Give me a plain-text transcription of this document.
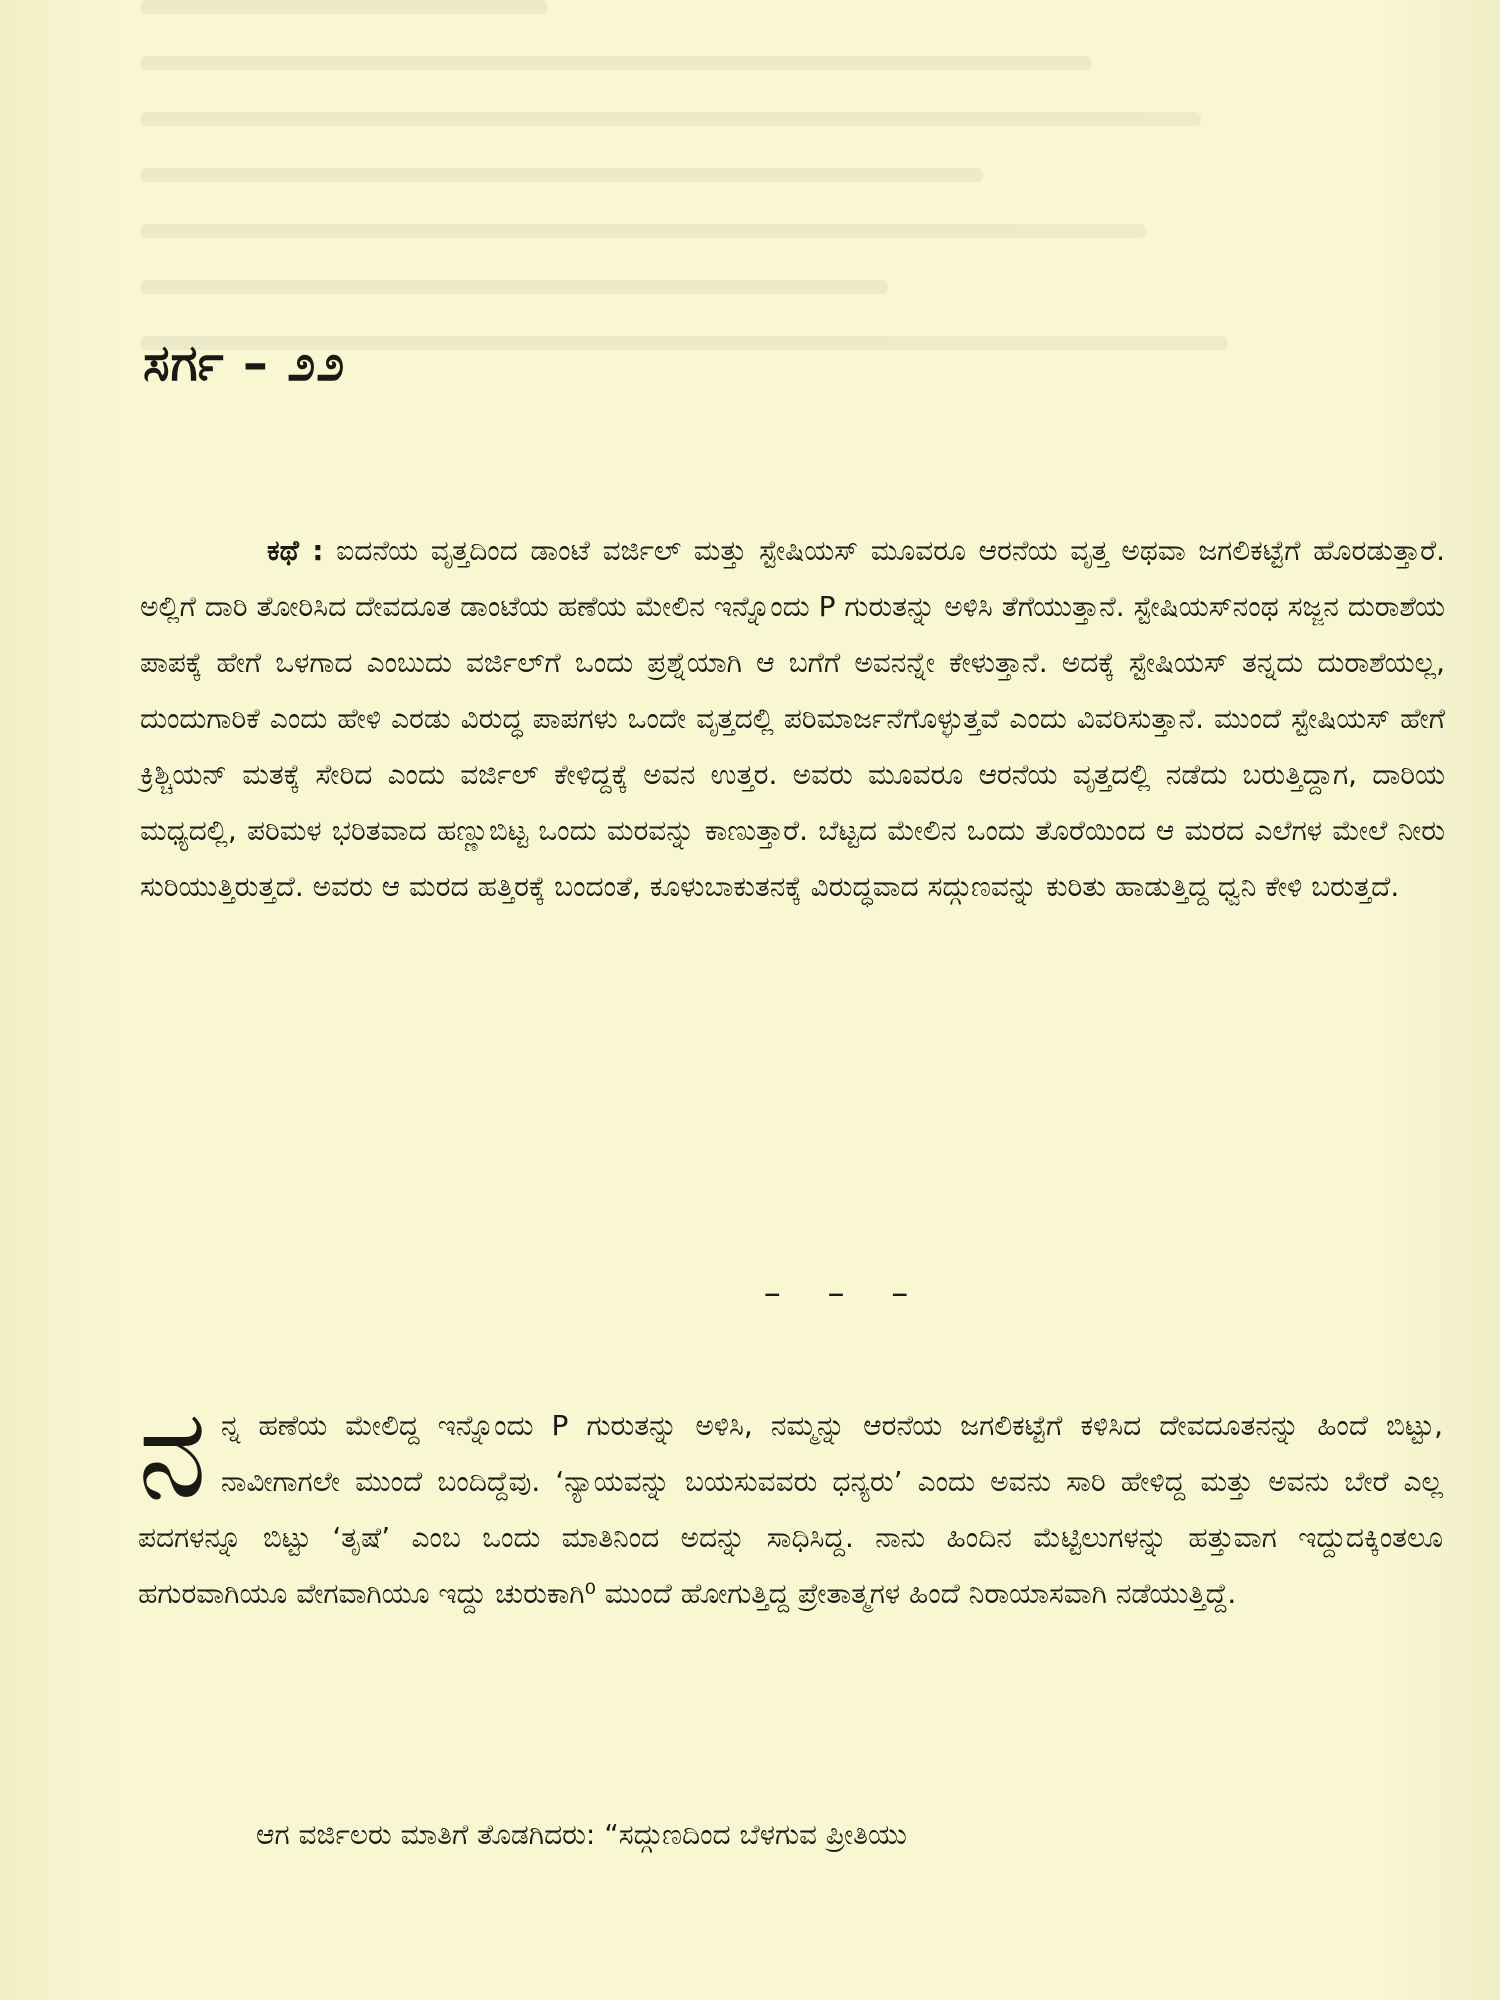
ಸರ್ಗ – ೨೨

ಕಥೆ : ಐದನೆಯ ವೃತ್ತದಿಂದ ಡಾಂಟೆ ವರ್ಜಿಲ್ ಮತ್ತು ಸ್ಟೇಷಿಯಸ್ ಮೂವರೂ ಆರನೆಯ ವೃತ್ತ ಅಥವಾ ಜಗಲಿಕಟ್ಟೆಗೆ ಹೊರಡುತ್ತಾರೆ. ಅಲ್ಲಿಗೆ ದಾರಿ ತೋರಿಸಿದ ದೇವದೂತ ಡಾಂಟೆಯ ಹಣೆಯ ಮೇಲಿನ ಇನ್ನೊಂದು P ಗುರುತನ್ನು ಅಳಿಸಿ ತೆಗೆಯುತ್ತಾನೆ. ಸ್ಟೇಷಿಯಸ್‌ನಂಥ ಸಜ್ಜನ ದುರಾಶೆಯ ಪಾಪಕ್ಕೆ ಹೇಗೆ ಒಳಗಾದ ಎಂಬುದು ವರ್ಜಿಲ್‌ಗೆ ಒಂದು ಪ್ರಶ್ನೆಯಾಗಿ ಆ ಬಗೆಗೆ ಅವನನ್ನೇ ಕೇಳುತ್ತಾನೆ. ಅದಕ್ಕೆ ಸ್ಟೇಷಿಯಸ್ ತನ್ನದು ದುರಾಶೆಯಲ್ಲ, ದುಂದುಗಾರಿಕೆ ಎಂದು ಹೇಳಿ ಎರಡು ವಿರುದ್ಧ ಪಾಪಗಳು ಒಂದೇ ವೃತ್ತದಲ್ಲಿ ಪರಿಮಾರ್ಜನೆಗೊಳ್ಳುತ್ತವೆ ಎಂದು ವಿವರಿಸುತ್ತಾನೆ. ಮುಂದೆ ಸ್ಟೇಷಿಯಸ್ ಹೇಗೆ ಕ್ರಿಶ್ಚಿಯನ್ ಮತಕ್ಕೆ ಸೇರಿದ ಎಂದು ವರ್ಜಿಲ್ ಕೇಳಿದ್ದಕ್ಕೆ ಅವನ ಉತ್ತರ. ಅವರು ಮೂವರೂ ಆರನೆಯ ವೃತ್ತದಲ್ಲಿ ನಡೆದು ಬರುತ್ತಿದ್ದಾಗ, ದಾರಿಯ ಮಧ್ಯದಲ್ಲಿ, ಪರಿಮಳ ಭರಿತವಾದ ಹಣ್ಣುಬಿಟ್ಟ ಒಂದು ಮರವನ್ನು ಕಾಣುತ್ತಾರೆ. ಬೆಟ್ಟದ ಮೇಲಿನ ಒಂದು ತೊರೆಯಿಂದ ಆ ಮರದ ಎಲೆಗಳ ಮೇಲೆ ನೀರು ಸುರಿಯುತ್ತಿರುತ್ತದೆ. ಅವರು ಆ ಮರದ ಹತ್ತಿರಕ್ಕೆ ಬಂದಂತೆ, ಕೂಳುಬಾಕುತನಕ್ಕೆ ವಿರುದ್ಧವಾದ ಸದ್ಗುಣವನ್ನು ಕುರಿತು ಹಾಡುತ್ತಿದ್ದ ಧ್ವನಿ ಕೇಳಿ ಬರುತ್ತದೆ.

– – –

ನನ್ನ ಹಣೆಯ ಮೇಲಿದ್ದ ಇನ್ನೊಂದು P ಗುರುತನ್ನು ಅಳಿಸಿ, ನಮ್ಮನ್ನು ಆರನೆಯ ಜಗಲಿಕಟ್ಟೆಗೆ ಕಳಿಸಿದ ದೇವದೂತನನ್ನು ಹಿಂದೆ ಬಿಟ್ಟು, ನಾವೀಗಾಗಲೇ ಮುಂದೆ ಬಂದಿದ್ದೆವು. ‘ನ್ಯಾಯವನ್ನು ಬಯಸುವವರು ಧನ್ಯರು’ ಎಂದು ಅವನು ಸಾರಿ ಹೇಳಿದ್ದ ಮತ್ತು ಅವನು ಬೇರೆ ಎಲ್ಲ ಪದಗಳನ್ನೂ ಬಿಟ್ಟು ‘ತೃಷೆ’ ಎಂಬ ಒಂದು ಮಾತಿನಿಂದ ಅದನ್ನು ಸಾಧಿಸಿದ್ದ. ನಾನು ಹಿಂದಿನ ಮೆಟ್ಟಿಲುಗಳನ್ನು ಹತ್ತುವಾಗ ಇದ್ದುದಕ್ಕಿಂತಲೂ ಹಗುರವಾಗಿಯೂ ವೇಗವಾಗಿಯೂ ಇದ್ದು ಚುರುಕಾಗಿ⁰ ಮುಂದೆ ಹೋಗುತ್ತಿದ್ದ ಪ್ರೇತಾತ್ಮಗಳ ಹಿಂದೆ ನಿರಾಯಾಸವಾಗಿ ನಡೆಯುತ್ತಿದ್ದೆ.

ಆಗ ವರ್ಜಿಲರು ಮಾತಿಗೆ ತೊಡಗಿದರು: “ಸದ್ಗುಣದಿಂದ ಬೆಳಗುವ ಪ್ರೀತಿಯು
